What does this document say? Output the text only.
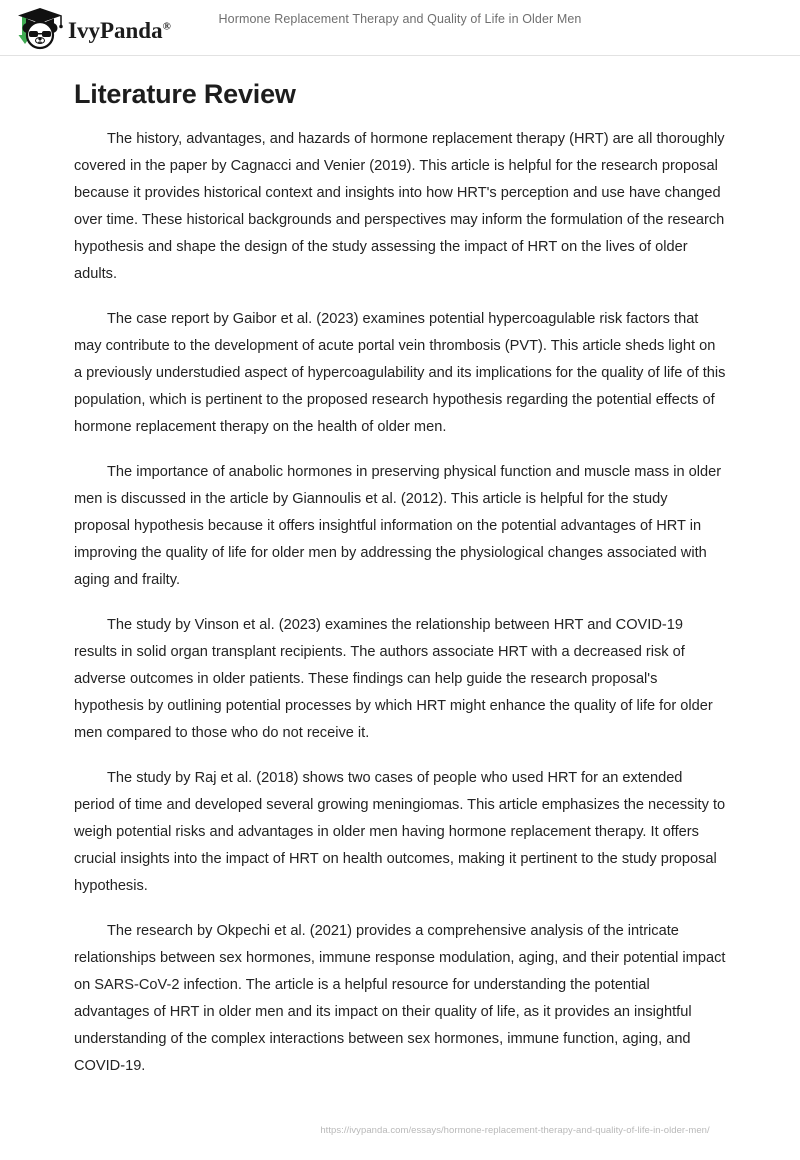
IvyPanda®	Hormone Replacement Therapy and Quality of Life in Older Men
Literature Review

The history, advantages, and hazards of hormone replacement therapy (HRT) are all thoroughly covered in the paper by Cagnacci and Venier (2019). This article is helpful for the research proposal because it provides historical context and insights into how HRT's perception and use have changed over time. These historical backgrounds and perspectives may inform the formulation of the research hypothesis and shape the design of the study assessing the impact of HRT on the lives of older adults.

The case report by Gaibor et al. (2023) examines potential hypercoagulable risk factors that may contribute to the development of acute portal vein thrombosis (PVT). This article sheds light on a previously understudied aspect of hypercoagulability and its implications for the quality of life of this population, which is pertinent to the proposed research hypothesis regarding the potential effects of hormone replacement therapy on the health of older men.

The importance of anabolic hormones in preserving physical function and muscle mass in older men is discussed in the article by Giannoulis et al. (2012). This article is helpful for the study proposal hypothesis because it offers insightful information on the potential advantages of HRT in improving the quality of life for older men by addressing the physiological changes associated with aging and frailty.

The study by Vinson et al. (2023) examines the relationship between HRT and COVID-19 results in solid organ transplant recipients. The authors associate HRT with a decreased risk of adverse outcomes in older patients. These findings can help guide the research proposal's hypothesis by outlining potential processes by which HRT might enhance the quality of life for older men compared to those who do not receive it.

The study by Raj et al. (2018) shows two cases of people who used HRT for an extended period of time and developed several growing meningiomas. This article emphasizes the necessity to weigh potential risks and advantages in older men having hormone replacement therapy. It offers crucial insights into the impact of HRT on health outcomes, making it pertinent to the study proposal hypothesis.

The research by Okpechi et al. (2021) provides a comprehensive analysis of the intricate relationships between sex hormones, immune response modulation, aging, and their potential impact on SARS-CoV-2 infection. The article is a helpful resource for understanding the potential advantages of HRT in older men and its impact on their quality of life, as it provides an insightful understanding of the complex interactions between sex hormones, immune function, aging, and COVID-19.

https://ivypanda.com/essays/hormone-replacement-therapy-and-quality-of-life-in-older-men/
